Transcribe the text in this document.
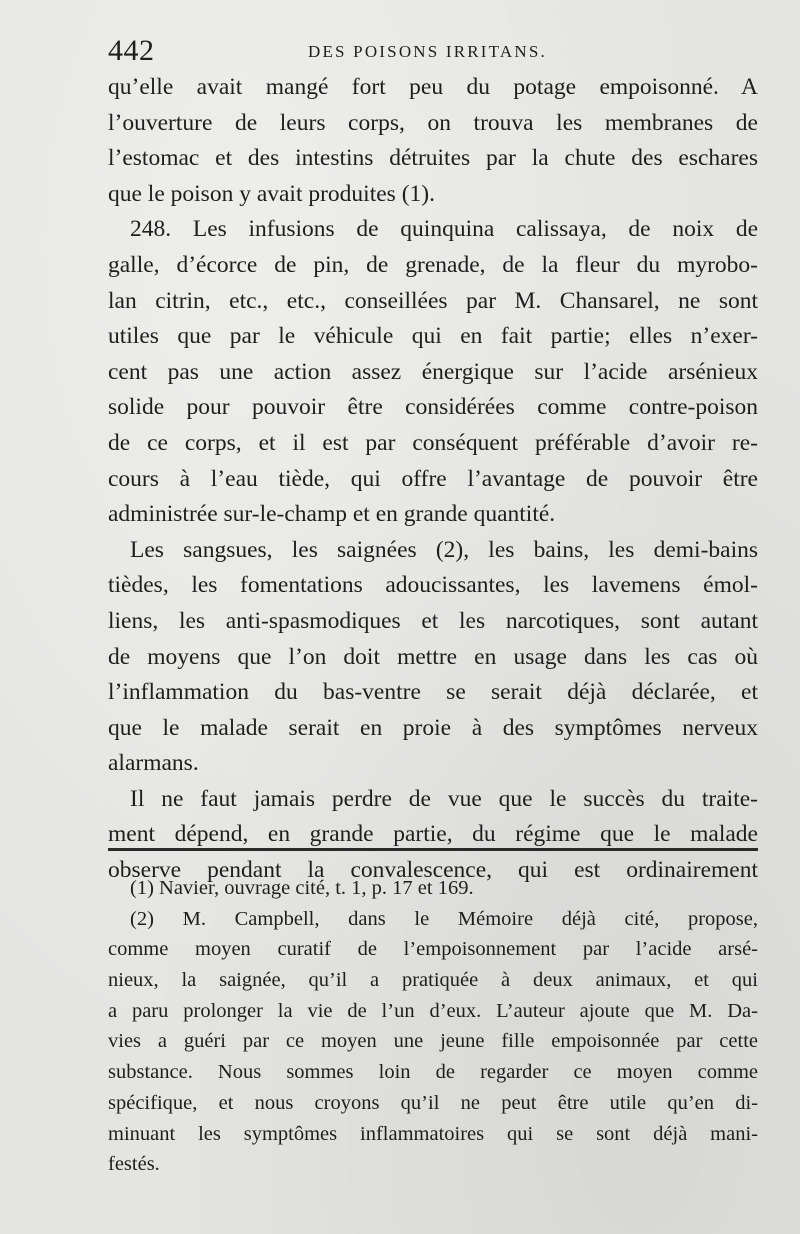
442	DES POISONS IRRITANS.
qu’elle avait mangé fort peu du potage empoisonné. A
l’ouverture de leurs corps, on trouva les membranes de
l’estomac et des intestins détruites par la chute des eschares
que le poison y avait produites (1).
248. Les infusions de quinquina calissaya, de noix de
galle, d’écorce de pin, de grenade, de la fleur du myrobo-
lan citrin, etc., etc., conseillées par M. Chansarel, ne sont
utiles que par le véhicule qui en fait partie; elles n’exer-
cent pas une action assez énergique sur l’acide arsénieux
solide pour pouvoir être considérées comme contre-poison
de ce corps, et il est par conséquent préférable d’avoir re-
cours à l’eau tiède, qui offre l’avantage de pouvoir être
administrée sur-le-champ et en grande quantité.
Les sangsues, les saignées (2), les bains, les demi-bains
tièdes, les fomentations adoucissantes, les lavemens émol-
liens, les anti-spasmodiques et les narcotiques, sont autant
de moyens que l’on doit mettre en usage dans les cas où
l’inflammation du bas-ventre se serait déjà déclarée, et
que le malade serait en proie à des symptômes nerveux
alarmans.
Il ne faut jamais perdre de vue que le succès du traite-
ment dépend, en grande partie, du régime que le malade
observe pendant la convalescence, qui est ordinairement
(1) Navier, ouvrage cité, t. 1, p. 17 et 169.
(2) M. Campbell, dans le Mémoire déjà cité, propose,
comme moyen curatif de l’empoisonnement par l’acide arsé-
nieux, la saignée, qu’il a pratiquée à deux animaux, et qui
a paru prolonger la vie de l’un d’eux. L’auteur ajoute que M. Da-
vies a guéri par ce moyen une jeune fille empoisonnée par cette
substance. Nous sommes loin de regarder ce moyen comme
spécifique, et nous croyons qu’il ne peut être utile qu’en di-
minuant les symptômes inflammatoires qui se sont déjà mani-
festés.
